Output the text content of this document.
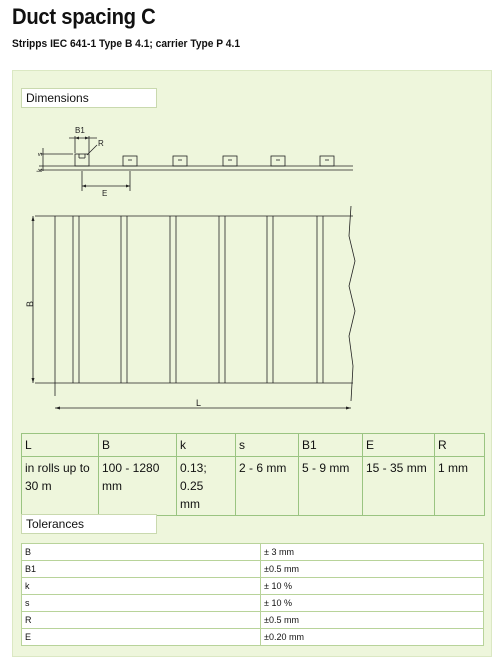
Duct spacing C
Stripps IEC 641-1 Type B 4.1; carrier Type P 4.1
Dimensions
B1
R
s
k
E
B
L
L	B	k	s	B1	E	R
in rolls up to
30 m	100 - 1280
mm	0.13; 0.25
mm	2 - 6 mm	5 - 9 mm	15 - 35 mm	1 mm
Tolerances
B	± 3 mm
B1	±0.5 mm
k	± 10 %
s	± 10 %
R	±0.5 mm
E	±0.20 mm
